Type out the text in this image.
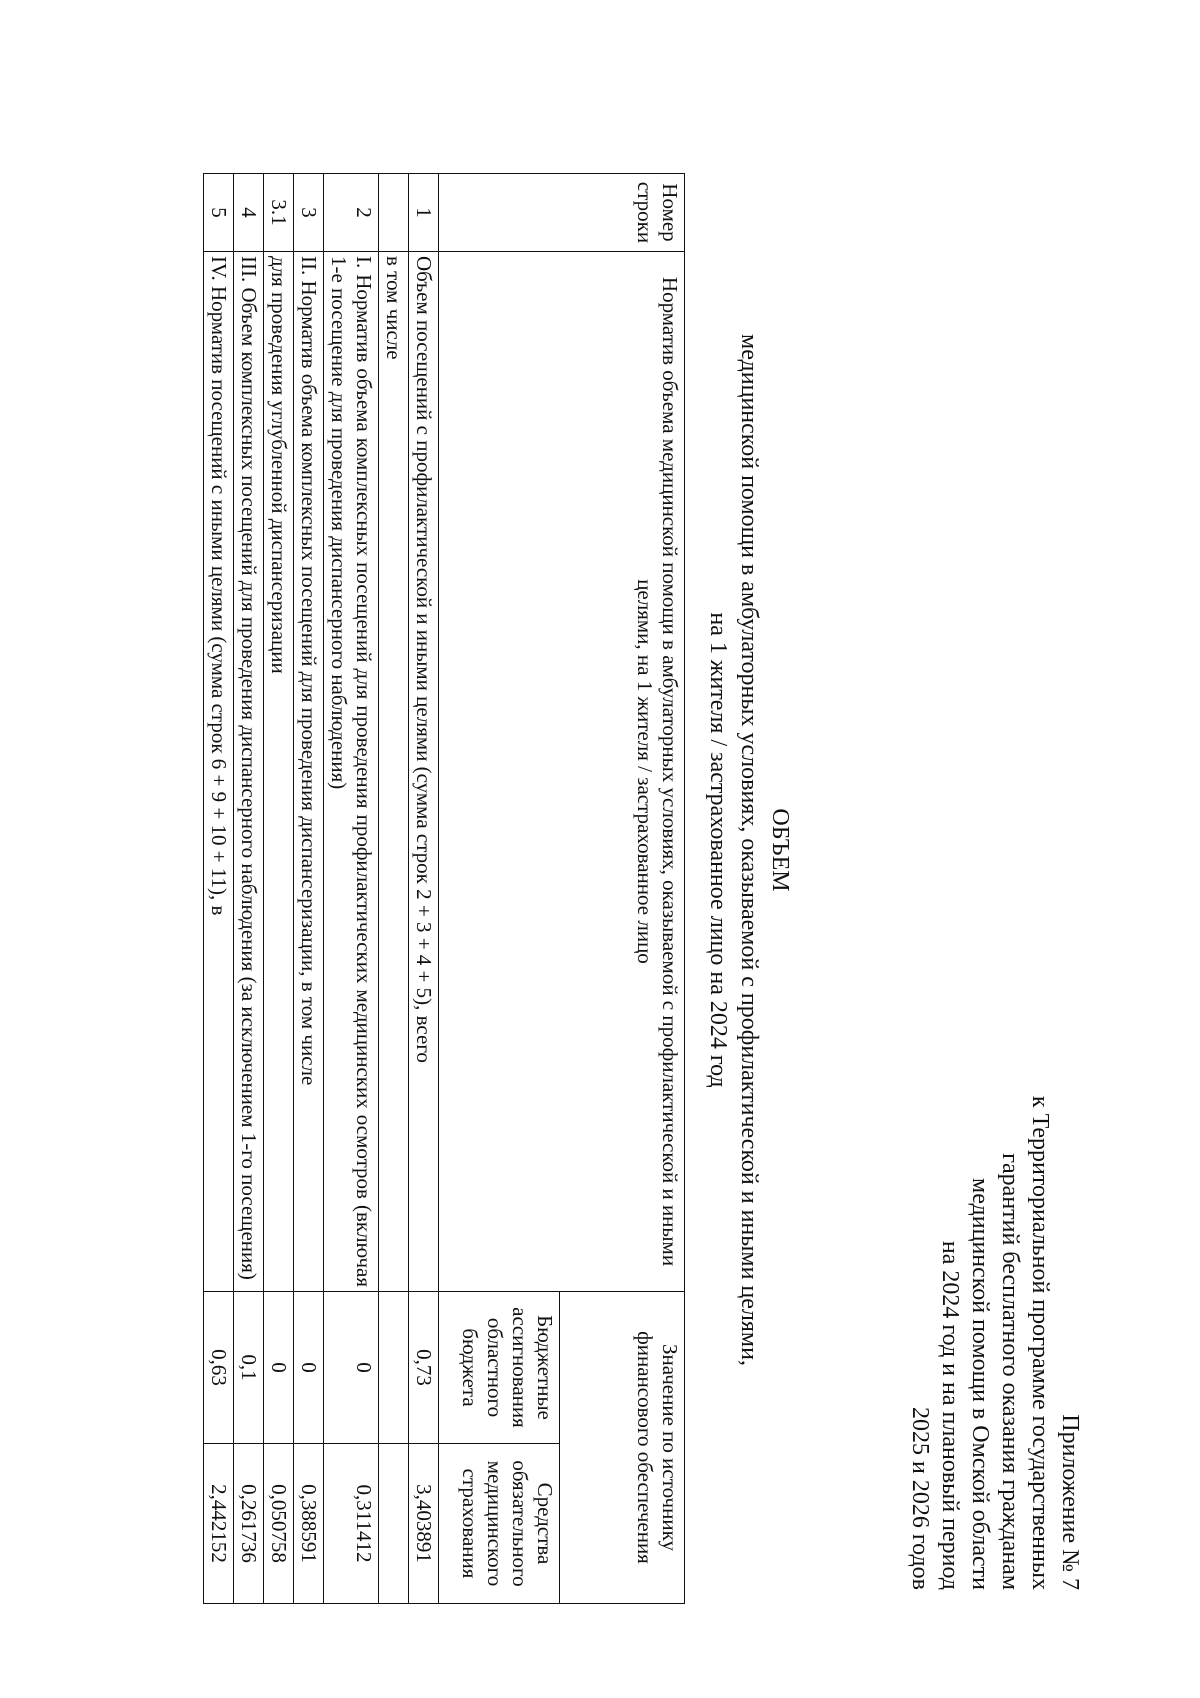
Приложение № 7
к Территориальной программе государственных
гарантий бесплатного оказания гражданам
медицинской помощи в Омской области
на 2024 год и на плановый период
2025 и 2026 годов
ОБЪЕМ
медицинской помощи в амбулаторных условиях, оказываемой с профилактической и иными целями,
на 1 жителя / застрахованное лицо на 2024 год
Номер строки	Норматив объема медицинской помощи в амбулаторных условиях, оказываемой с профилактической и иными целями, на 1 жителя / застрахованное лицо	Значение по источнику финансового обеспечения	
		Бюджетные ассигнования областного бюджета	Средства обязательного медицинского страхования
1	Объем посещений с профилактической и иными целями (сумма строк 2 + 3 + 4 + 5), всего	0,73	3,403891
	в том числе		
2	I. Норматив объема комплексных посещений для проведения профилактических медицинских осмотров (включая 1-е посещение для проведения диспансерного наблюдения)	0	0,311412
3	II. Норматив объема комплексных посещений для проведения диспансеризации, в том числе	0	0,388591
3.1	для проведения углубленной диспансеризации	0	0,050758
4	III. Объем комплексных посещений для проведения диспансерного наблюдения (за исключением 1-го посещения)	0,1	0,261736
5	IV. Норматив посещений с иными целями (сумма строк 6 + 9 + 10 + 11), в	0,63	2,442152
